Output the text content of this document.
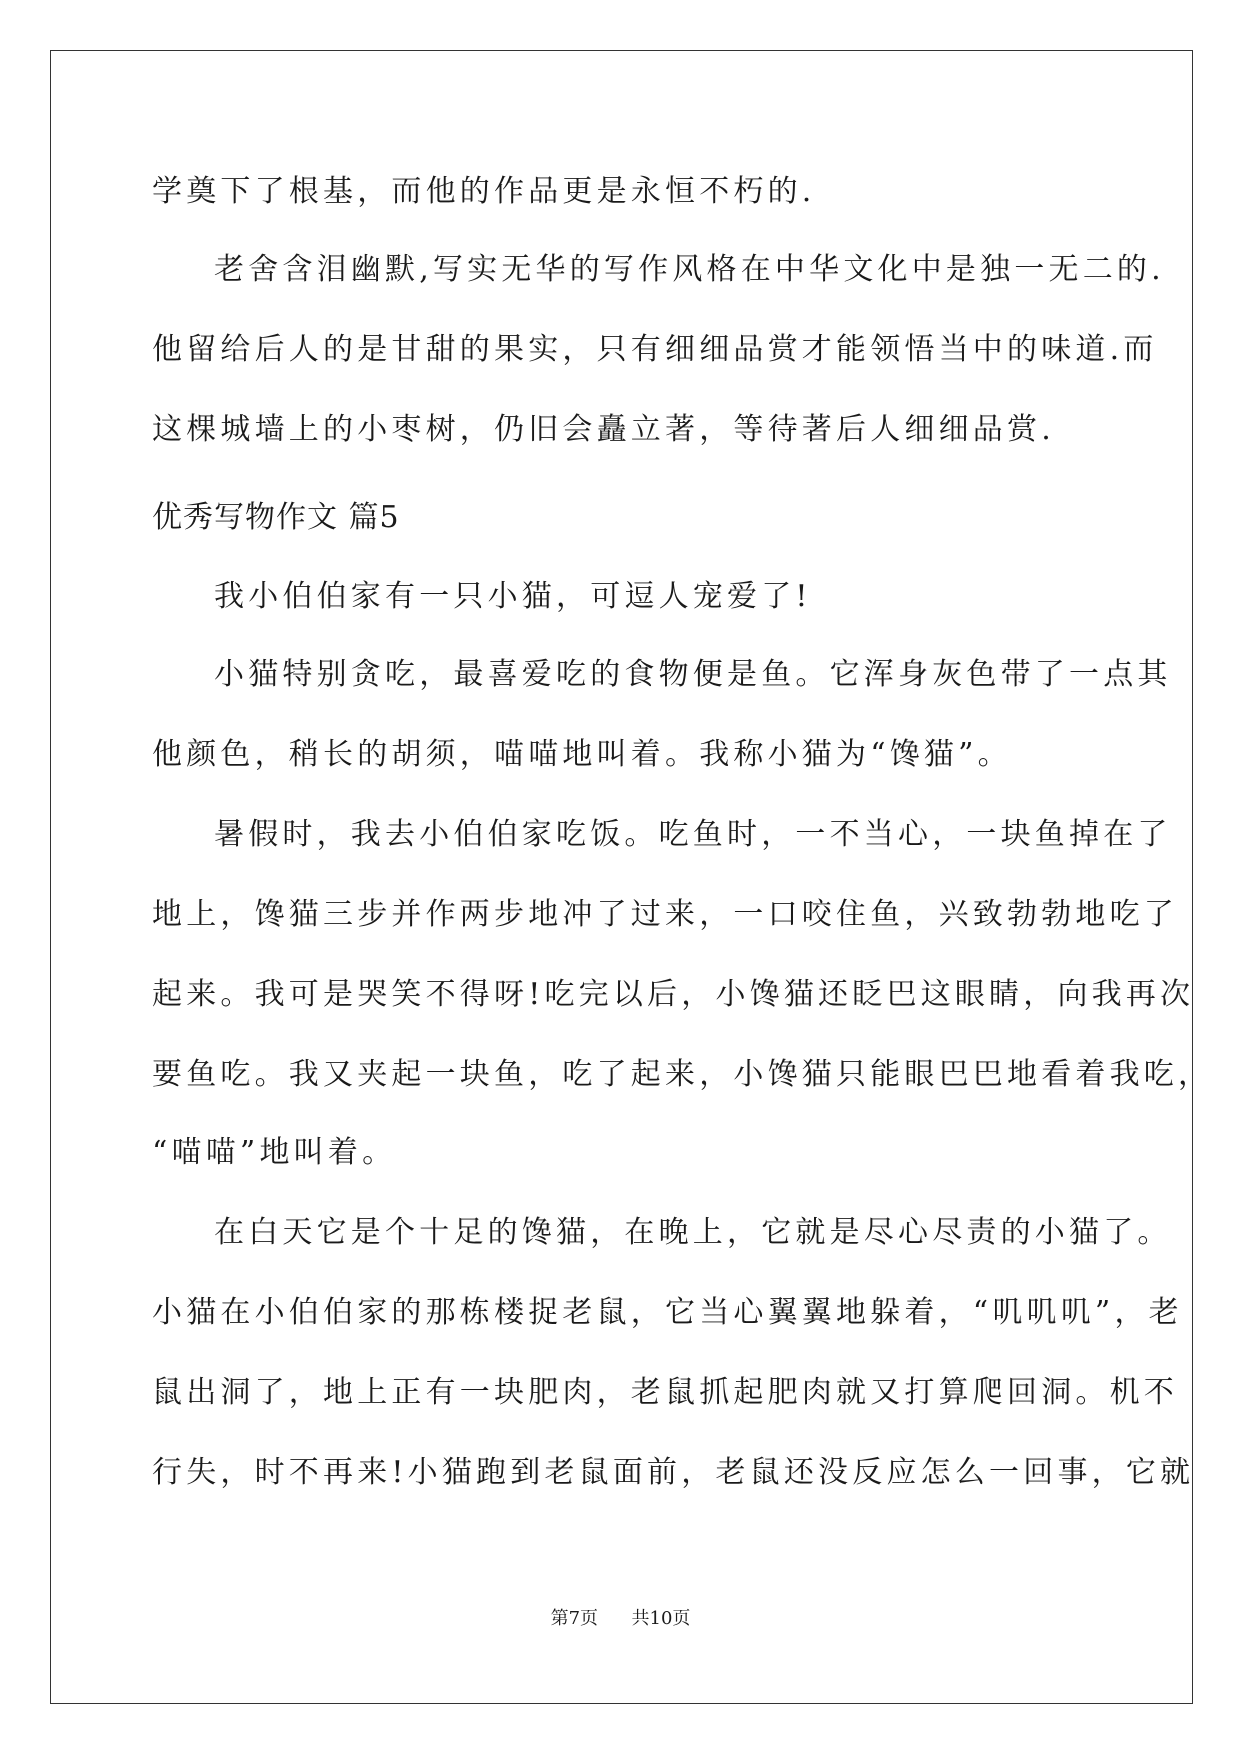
学奠下了根基，而他的作品更是永恒不朽的.
老舍含泪幽默,写实无华的写作风格在中华文化中是独一无二的.
他留给后人的是甘甜的果实，只有细细品赏才能领悟当中的味道.而
这棵城墙上的小枣树，仍旧会矗立著，等待著后人细细品赏.
优秀写物作文 篇5
我小伯伯家有一只小猫，可逗人宠爱了!
小猫特别贪吃，最喜爱吃的食物便是鱼。它浑身灰色带了一点其
他颜色，稍长的胡须，喵喵地叫着。我称小猫为“馋猫”。
暑假时，我去小伯伯家吃饭。吃鱼时，一不当心，一块鱼掉在了
地上，馋猫三步并作两步地冲了过来，一口咬住鱼，兴致勃勃地吃了
起来。我可是哭笑不得呀!吃完以后，小馋猫还眨巴这眼睛，向我再次
要鱼吃。我又夹起一块鱼，吃了起来，小馋猫只能眼巴巴地看着我吃，
“喵喵”地叫着。
在白天它是个十足的馋猫，在晚上，它就是尽心尽责的小猫了。
小猫在小伯伯家的那栋楼捉老鼠，它当心翼翼地躲着，“叽叽叽”，老
鼠出洞了，地上正有一块肥肉，老鼠抓起肥肉就又打算爬回洞。机不
行失，时不再来!小猫跑到老鼠面前，老鼠还没反应怎么一回事，它就
第7页 共10页
